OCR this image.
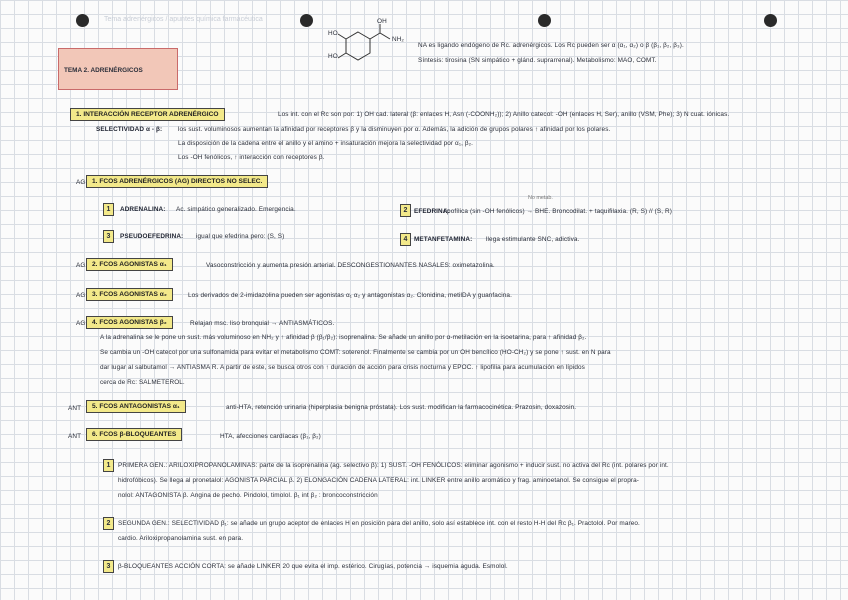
Tema adrenérgicos / apuntes química farmacéutica
TEMA 2. ADRENÉRGICOS
HO
HO
OH
NH₂
NA es ligando endógeno de Rc. adrenérgicos. Los Rc pueden ser α (α₁, α₂) o β (β₁, β₂, β₃).
Síntesis: tirosina (SN simpático + glánd. suprarrenal). Metabolismo: MAO, COMT.
1. INTERACCIÓN RECEPTOR ADRENÉRGICO	Los int. con el Rc son por: 1) OH cad. lateral (β: enlaces H, Asn (-COONH₂)); 2) Anillo catecol: -OH (enlaces H, Ser), anillo (VSM, Phe); 3) N cuat. iónicas.
SELECTIVIDAD α - β: los sust. voluminosos aumentan la afinidad por receptores β y la disminuyen por α. Además, la adición de grupos polares ↑ afinidad por los polares.
La disposición de la cadena entre el anillo y el amino + insaturación mejora la selectividad por α₁, β₂.
Los -OH fenólicos, ↑ interacción con receptores β.
AG 1. FCOS ADRENÉRGICOS (AG) DIRECTOS NO SELEC.
No metab.
1	ADRENALINA: Ac. simpático generalizado. Emergencia.	2	EFEDRINA:
lipofílica (sin -OH fenólicos) → BHE. Broncodilat. + taquifilaxia. (R, S) // (S, R)
3	PSEUDOEFEDRINA: igual que efedrina pero: (S, S)	4	METANFETAMINA: llega estimulante SNC, adictiva.
AG 2. FCOS AGONISTAS α₁	Vasoconstricción y aumenta presión arterial. DESCONGESTIONANTES NASALES: oximetazolina.
AG 3. FCOS AGONISTAS α₂	Los derivados de 2-imidazolina pueden ser agonistas α₁ α₂ y antagonistas α₂. Clonidina, metilDA y guanfacina.
AG 4. FCOS AGONISTAS β₂	Relajan msc. liso bronquial → ANTIASMÁTICOS.
A la adrenalina se le pone un sust. más voluminoso en NH₂ y ↑ afinidad β (β₁/β₂): isoprenalina. Se añade un anillo por α-metilación en la isoetarina, para ↑ afinidad β₂.
Se cambia un -OH catecol por una sulfonamida para evitar el metabolismo COMT: soterenol. Finalmente se cambia por un OH bencílico (HO-CH₂) y se pone ↑ sust. en N para
dar lugar al salbutamol → ANTIASMA R. A partir de este, se busca otros con ↑ duración de acción para crisis nocturna y EPOC. ↑ lipofilia para acumulación en lípidos
cerca de Rc: SALMETEROL.
ANT	5. FCOS ANTAGONISTAS α₁	anti-HTA, retención urinaria (hiperplasia benigna próstata). Los sust. modifican la farmacocinética. Prazosin, doxazosin.
ANT	6. FCOS β-BLOQUEANTES	HTA, afecciones cardíacas (β₁, β₂)
1	PRIMERA GEN.: ARILOXIPROPANOLAMINAS: parte de la isoprenalina (ag. selectivo β): 1) SUST. -OH FENÓLICOS: eliminar agonismo + inducir sust. no activa del Rc (int. polares por int.
hidrofóbicos). Se llega al pronetalol: AGONISTA PARCIAL β. 2) ELONGACIÓN CADENA LATERAL: int. LINKER entre anillo aromático y frag. aminoetanol. Se consigue el propra-
nolol: ANTAGONISTA β. Angina de pecho. Pindolol, timolol. β₁ int β₂ : broncoconstricción
2	SEGUNDA GEN.: SELECTIVIDAD β₁: se añade un grupo aceptor de enlaces H en posición para del anillo, solo así establece int. con el resto H-H del Rc β₁. Practolol. Por mareo.
cardio. Ariloxipropanolamina sust. en para.
3	β-BLOQUEANTES ACCIÓN CORTA: se añade LINKER 20 que evita el imp. estérico. Cirugías, potencia → isquemia aguda. Esmolol.
